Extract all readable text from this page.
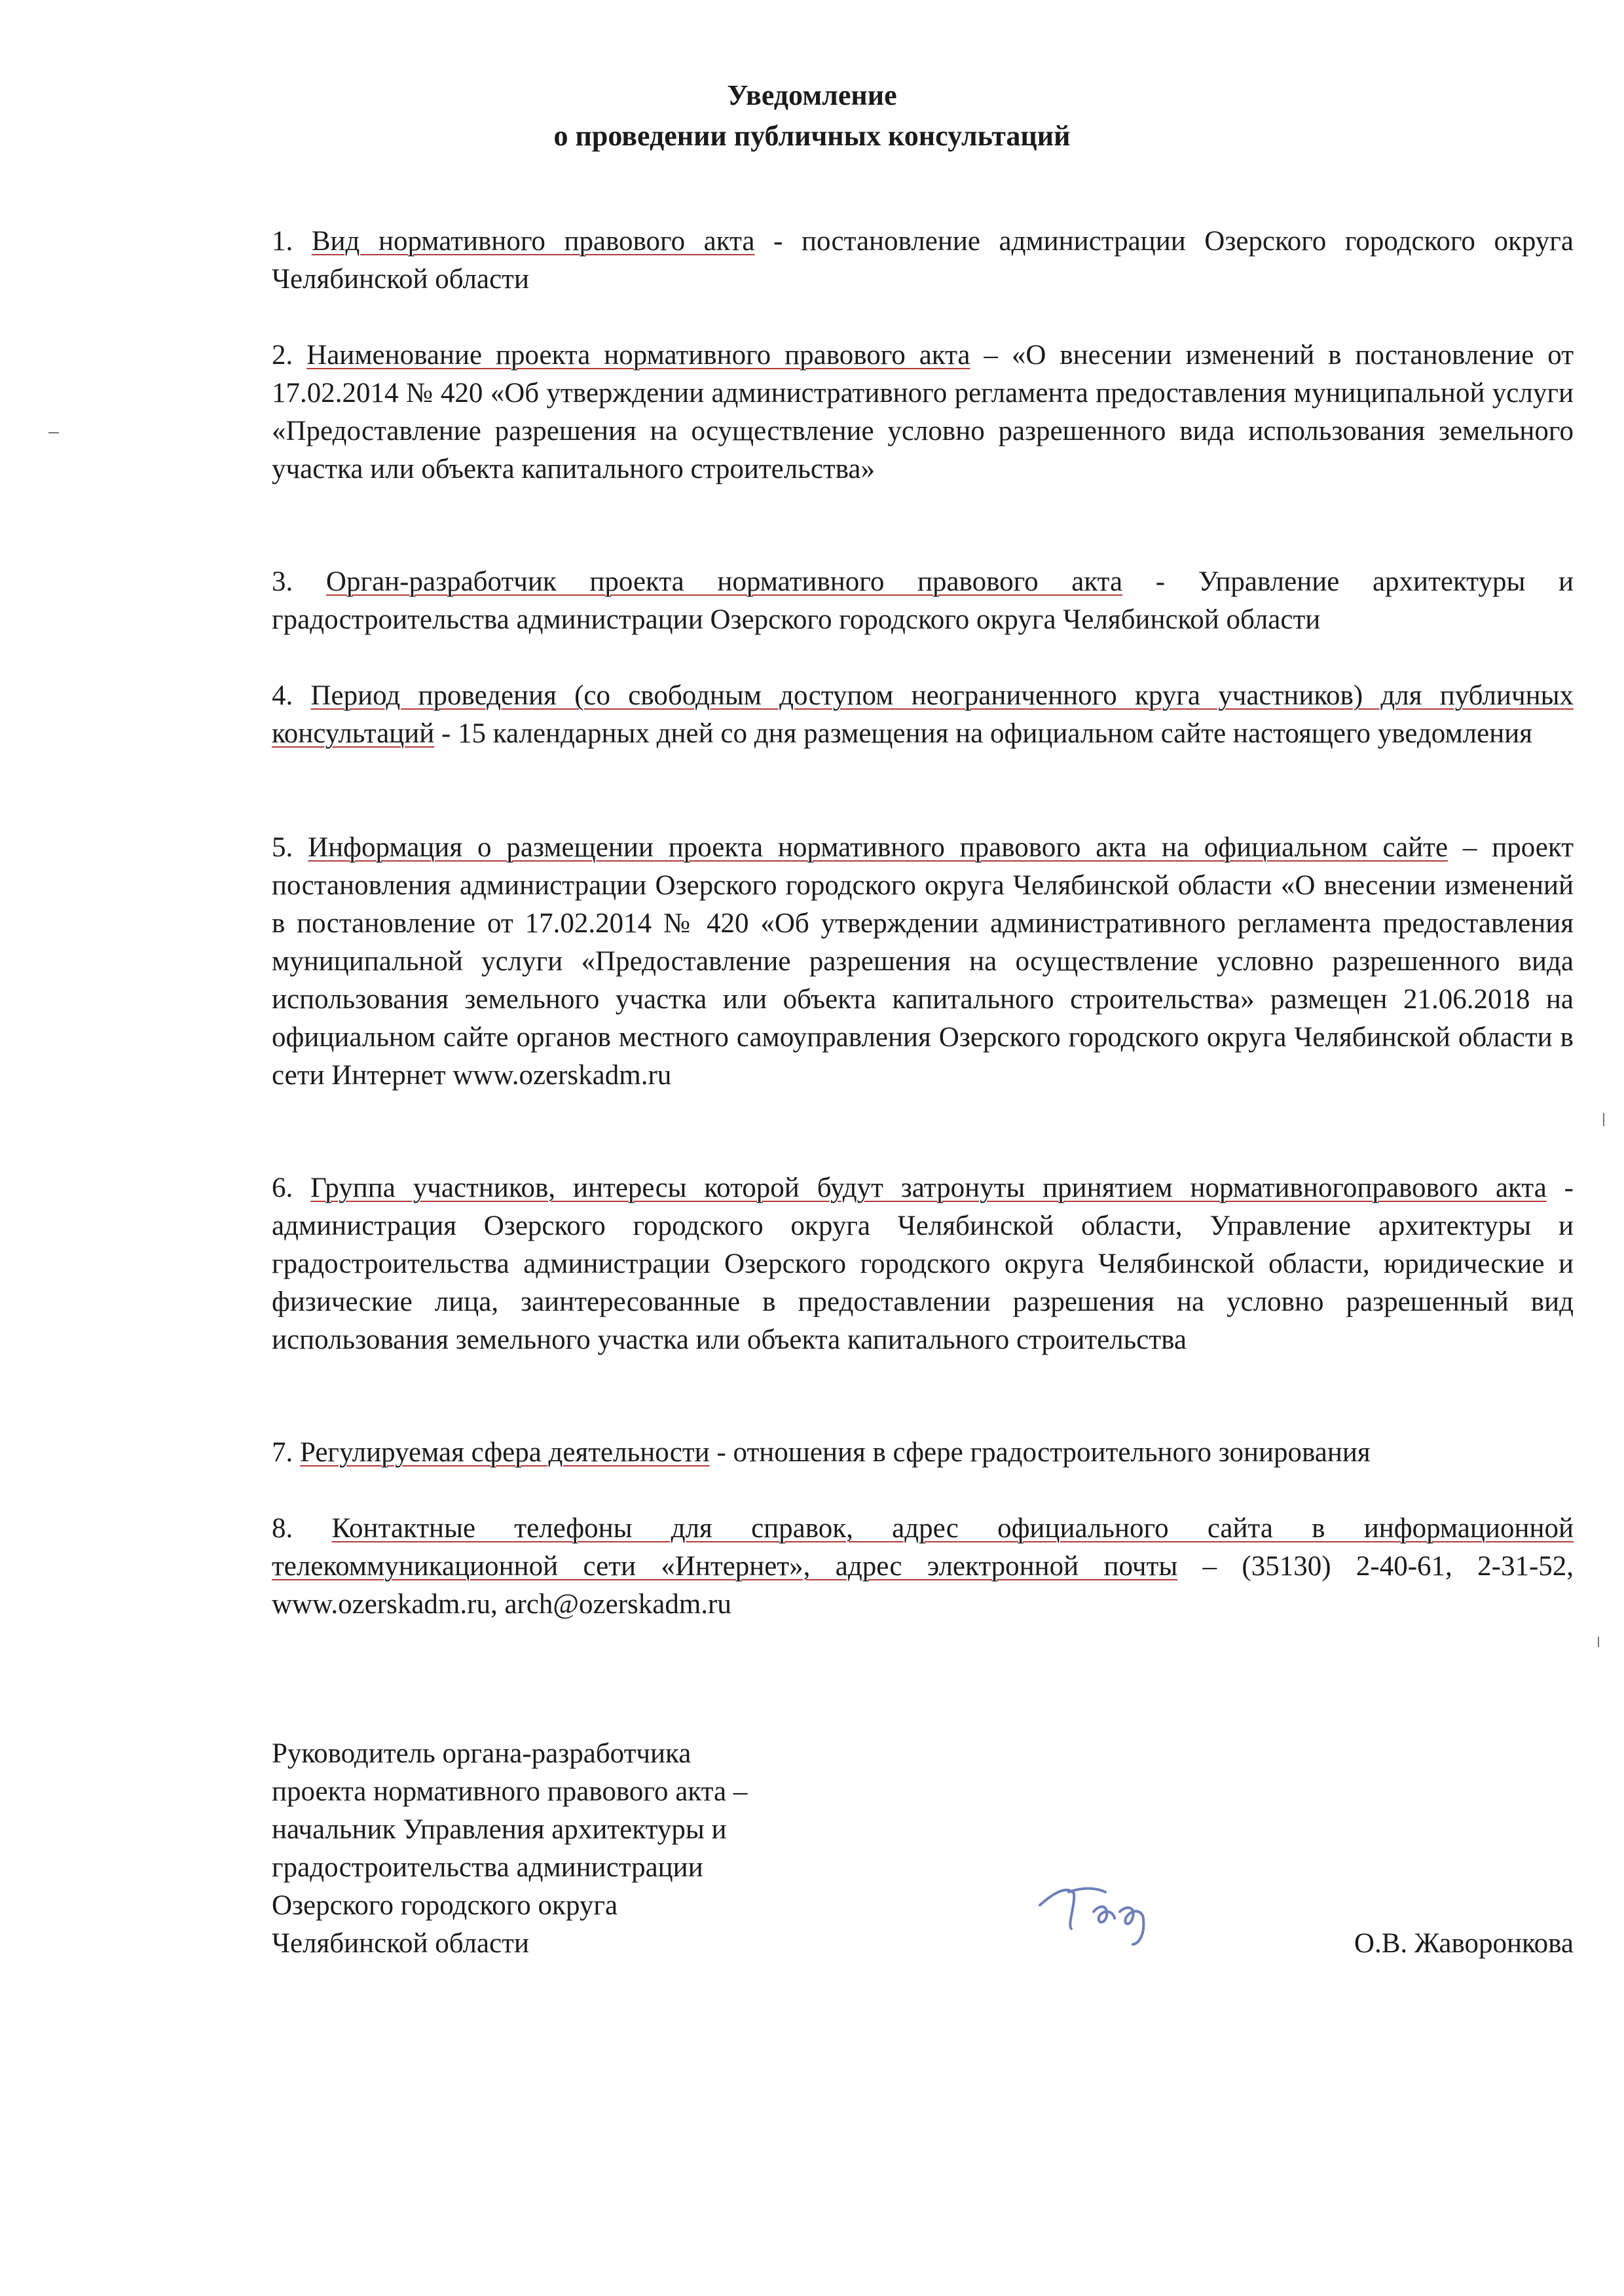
Уведомление
о проведении публичных консультаций
1. Вид нормативного правового акта - постановление администрации Озерского городского округа Челябинской области
2. Наименование проекта нормативного правового акта – «О внесении изменений в постановление от 17.02.2014 № 420 «Об утверждении административного регламента предоставления муниципальной услуги «Предоставление разрешения на осуществление условно разрешенного вида использования земельного участка или объекта капитального строительства»
3. Орган-разработчик проекта нормативного правового акта - Управление архитектуры и градостроительства администрации Озерского городского округа Челябинской области
4. Период проведения (со свободным доступом неограниченного круга участников) для публичных консультаций - 15 календарных дней со дня размещения на официальном сайте настоящего уведомления
5. Информация о размещении проекта нормативного правового акта на официальном сайте – проект постановления администрации Озерского городского округа Челябинской области «О внесении изменений в постановление от 17.02.2014 № 420 «Об утверждении административного регламента предоставления муниципальной услуги «Предоставление разрешения на осуществление условно разрешенного вида использования земельного участка или объекта капитального строительства» размещен 21.06.2018 на официальном сайте органов местного самоуправления Озерского городского округа Челябинской области в сети Интернет www.ozerskadm.ru
6. Группа участников, интересы которой будут затронуты принятием нормативногоправового акта - администрация Озерского городского округа Челябинской области, Управление архитектуры и градостроительства администрации Озерского городского округа Челябинской области, юридические и физические лица, заинтересованные в предоставлении разрешения на условно разрешенный вид использования земельного участка или объекта капитального строительства
7. Регулируемая сфера деятельности - отношения в сфере градостроительного зонирования
8. Контактные телефоны для справок, адрес официального сайта в информационной телекоммуникационной сети «Интернет», адрес электронной почты – (35130) 2-40-61, 2-31-52, www.ozerskadm.ru, arch@ozerskadm.ru
Руководитель органа-разработчика
проекта нормативного правового акта –
начальник Управления архитектуры и
градостроительства администрации
Озерского городского округа
Челябинской области	О.В. Жаворонкова
